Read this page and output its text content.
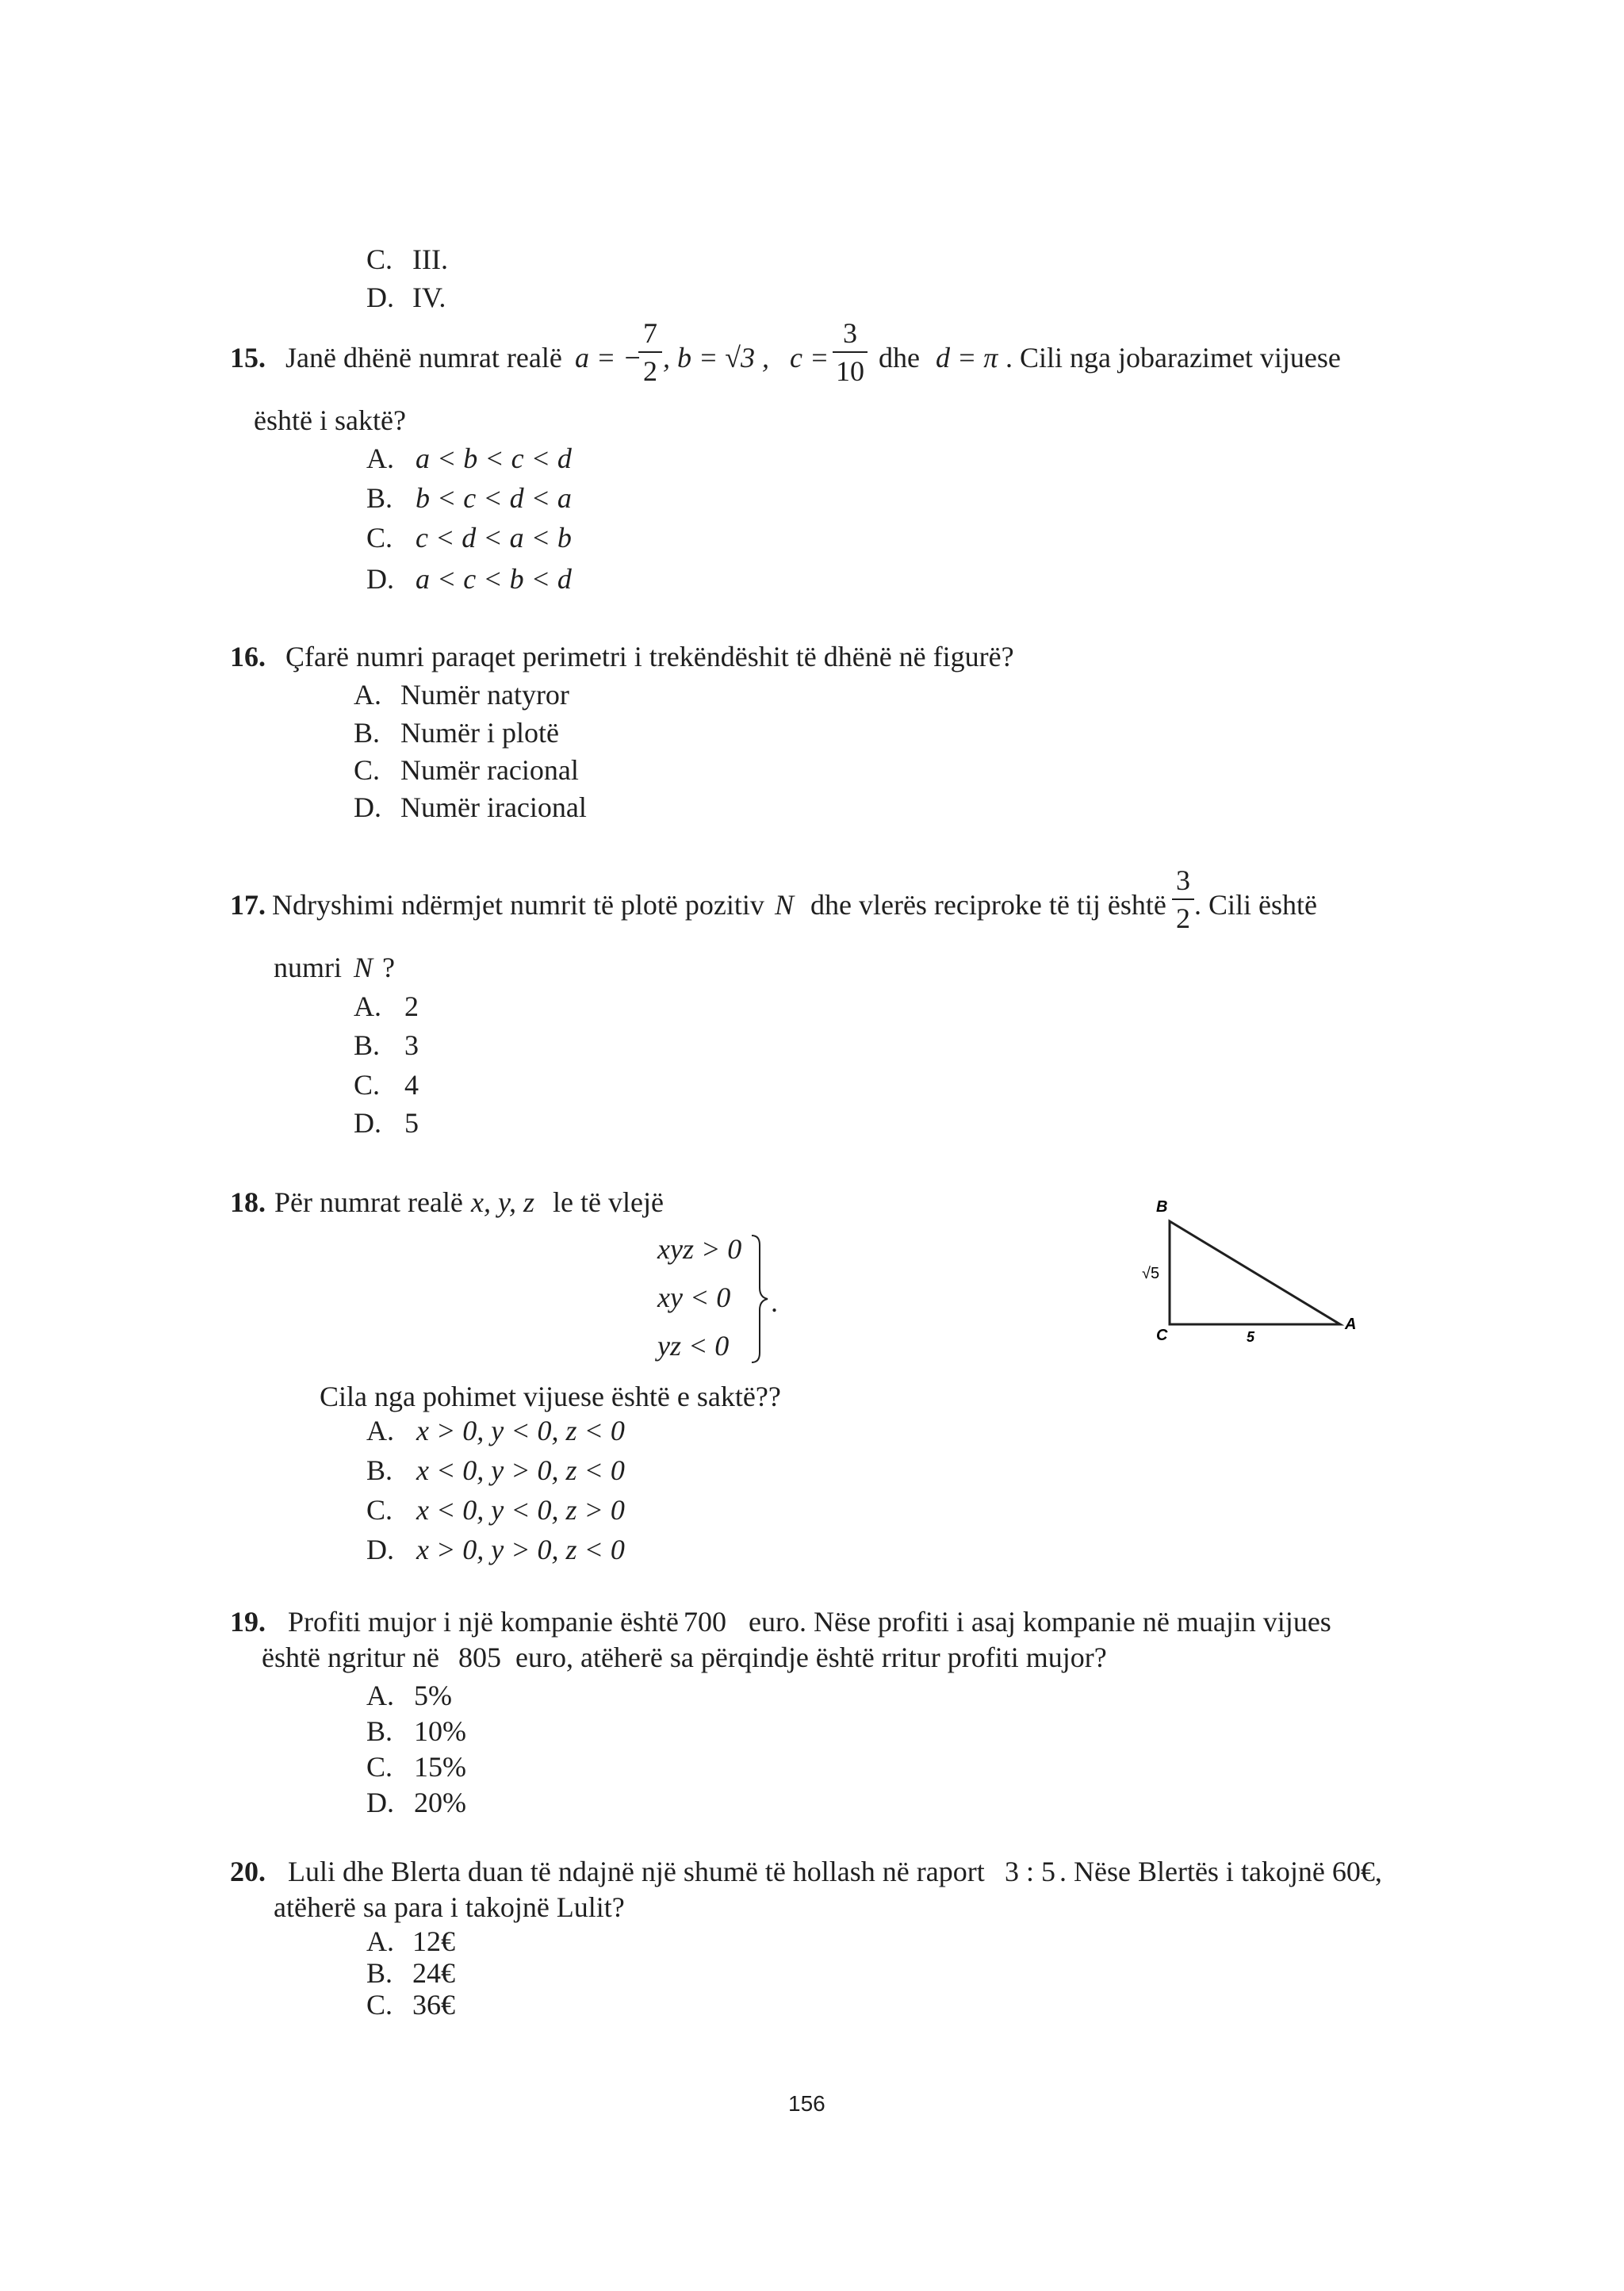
C. III.
D. IV.
15. Janë dhënë numrat realë a = −
7
2 , b = √3 , c =
3
10 dhe d = π . Cili nga jobarazimet vijuese
është i saktë?
A. a < b < c < d
B. b < c < d < a
C. c < d < a < b
D. a < c < b < d
16. Çfarë numri paraqet perimetri i trekëndëshit të dhënë në figurë?
A. Numër natyror
B. Numër i plotë
C. Numër racional
D. Numër iracional
17. Ndryshimi ndërmjet numrit të plotë pozitiv N dhe vlerës reciproke të tij është
3
2 . Cili është
numri N ?
A. 2
B. 3
C. 4
D. 5
18. Për numrat realë x, y, z le të vlejë
xyz > 0
xy < 0
yz < 0
.
Cila nga pohimet vijuese është e saktë??
A. x > 0, y < 0, z < 0
B. x < 0, y > 0, z < 0
C. x < 0, y < 0, z > 0
D. x > 0, y > 0, z < 0
B
C
A
√5
5
19. Profiti mujor i një kompanie është 700 euro. Nëse profiti i asaj kompanie në muajin vijues
është ngritur në 805 euro, atëherë sa përqindje është rritur profiti mujor?
A. 5%
B. 10%
C. 15%
D. 20%
20. Luli dhe Blerta duan të ndajnë një shumë të hollash në raport 3 : 5 . Nëse Blertës i takojnë 60€,
atëherë sa para i takojnë Lulit?
A. 12€
B. 24€
C. 36€
156
